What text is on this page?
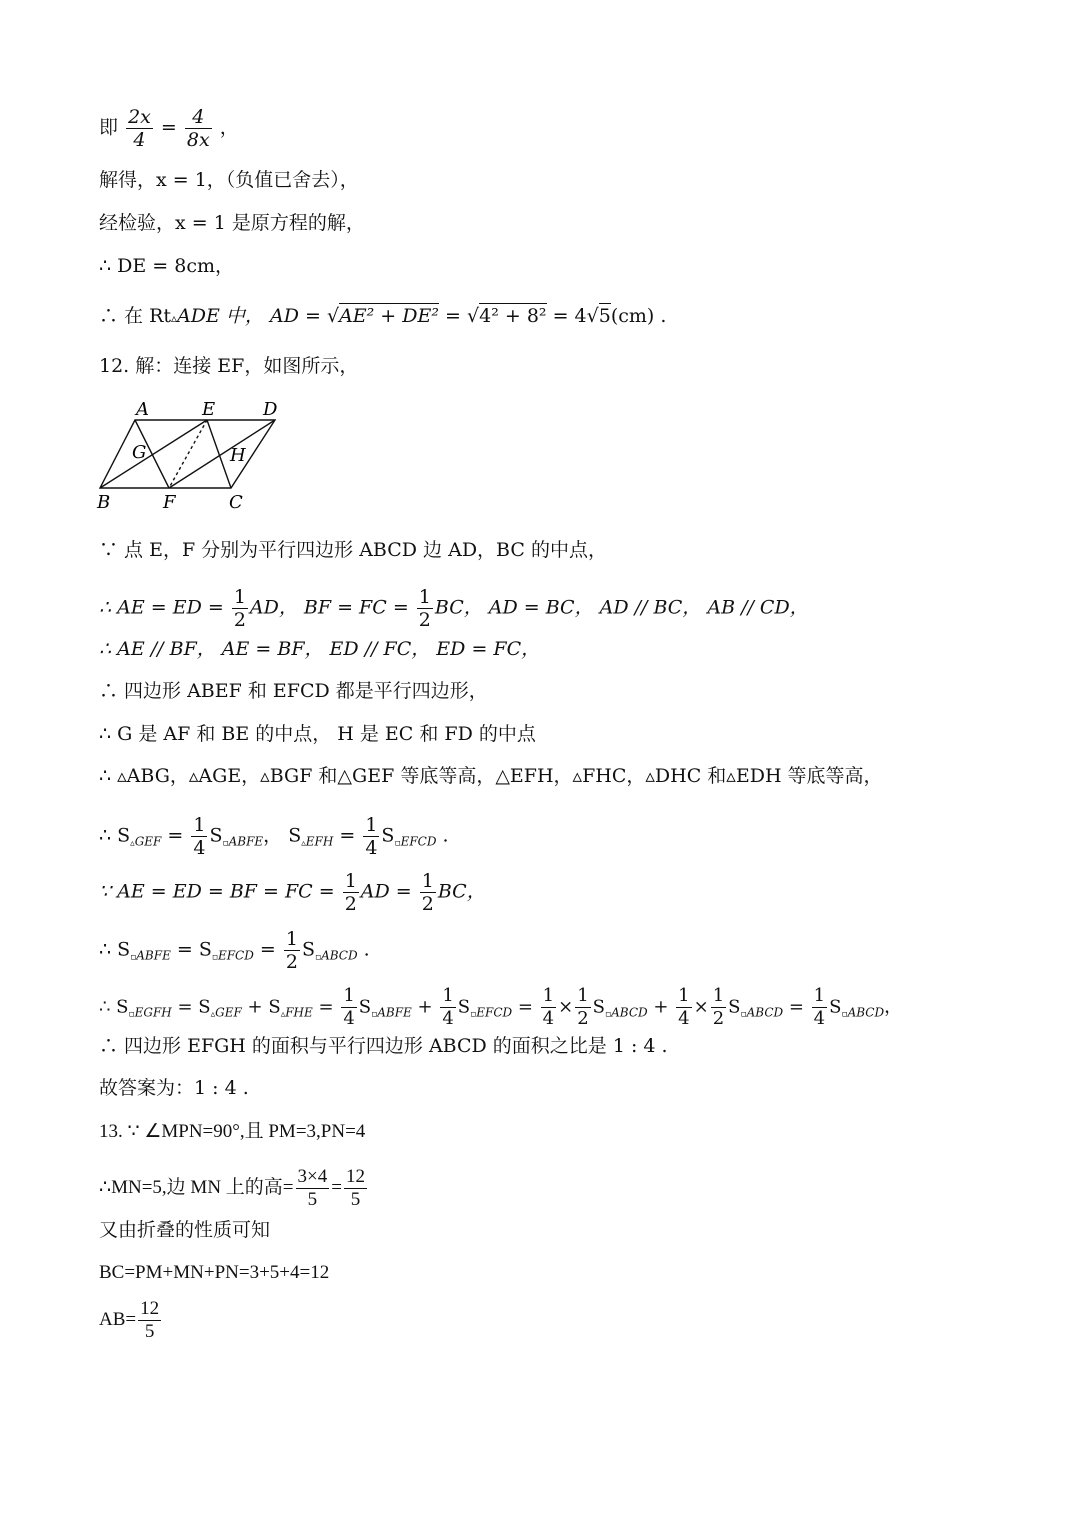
即 $\frac{2x}{4} = \frac{4}{8x}$ ，
解得，x = 1，（负值已舍去），
经检验，x = 1 是原方程的解，
∴ DE = 8cm，
∴ 在 Rt▵ADE 中， AD = √AE² + DE² = √4² + 8² = 4√5(cm) .
12. 解：连接 EF，如图所示，
A	E	D
G	H
B	F	C
∵ 点 E，F 分别为平行四边形 ABCD 边 AD，BC 的中点，
∴ AE = ED = $\frac{1}{2}$ AD， BF = FC = $\frac{1}{2}$ BC， AD = BC， AD // BC， AB // CD，
∴ AE // BF， AE = BF， ED // FC， ED = FC，
∴ 四边形 ABEF 和 EFCD 都是平行四边形，
∴ G 是 AF 和 BE 的中点， H 是 EC 和 FD 的中点
∴ ▵ABG，▵AGE，▵BGF 和△GEF 等底等高，△EFH，▵FHC，▵DHC 和▵EDH 等底等高，
∴ $S_{▵GEF} = \frac{1}{4} S_{▫ABFE}$， $S_{▵EFH} = \frac{1}{4} S_{▫EFCD}$ .
∵ AE = ED = BF = FC = $\frac{1}{2}$ AD = $\frac{1}{2}$ BC，
∴ $S_{▫ABFE} = S_{▫EFCD} = \frac{1}{2} S_{▫ABCD}$ .
∴ $S_{▫EGFH} = S_{▵GEF} + S_{▵FHE} = \frac{1}{4} S_{▫ABFE} + \frac{1}{4} S_{▫EFCD} = \frac{1}{4} \times \frac{1}{2} S_{▫ABCD} + \frac{1}{4} \times \frac{1}{2} S_{▫ABCD} = \frac{1}{4} S_{▫ABCD}$，
∴ 四边形 EFGH 的面积与平行四边形 ABCD 的面积之比是 1 : 4 .
故答案为：1 : 4 .
13. ∵ ∠MPN=90°,且 PM=3,PN=4
∴MN=5,边 MN 上的高= $\frac{3\times 4}{5} = \frac{12}{5}$
又由折叠的性质可知
BC=PM+MN+PN=3+5+4=12
$AB= \frac{12}{5}$
